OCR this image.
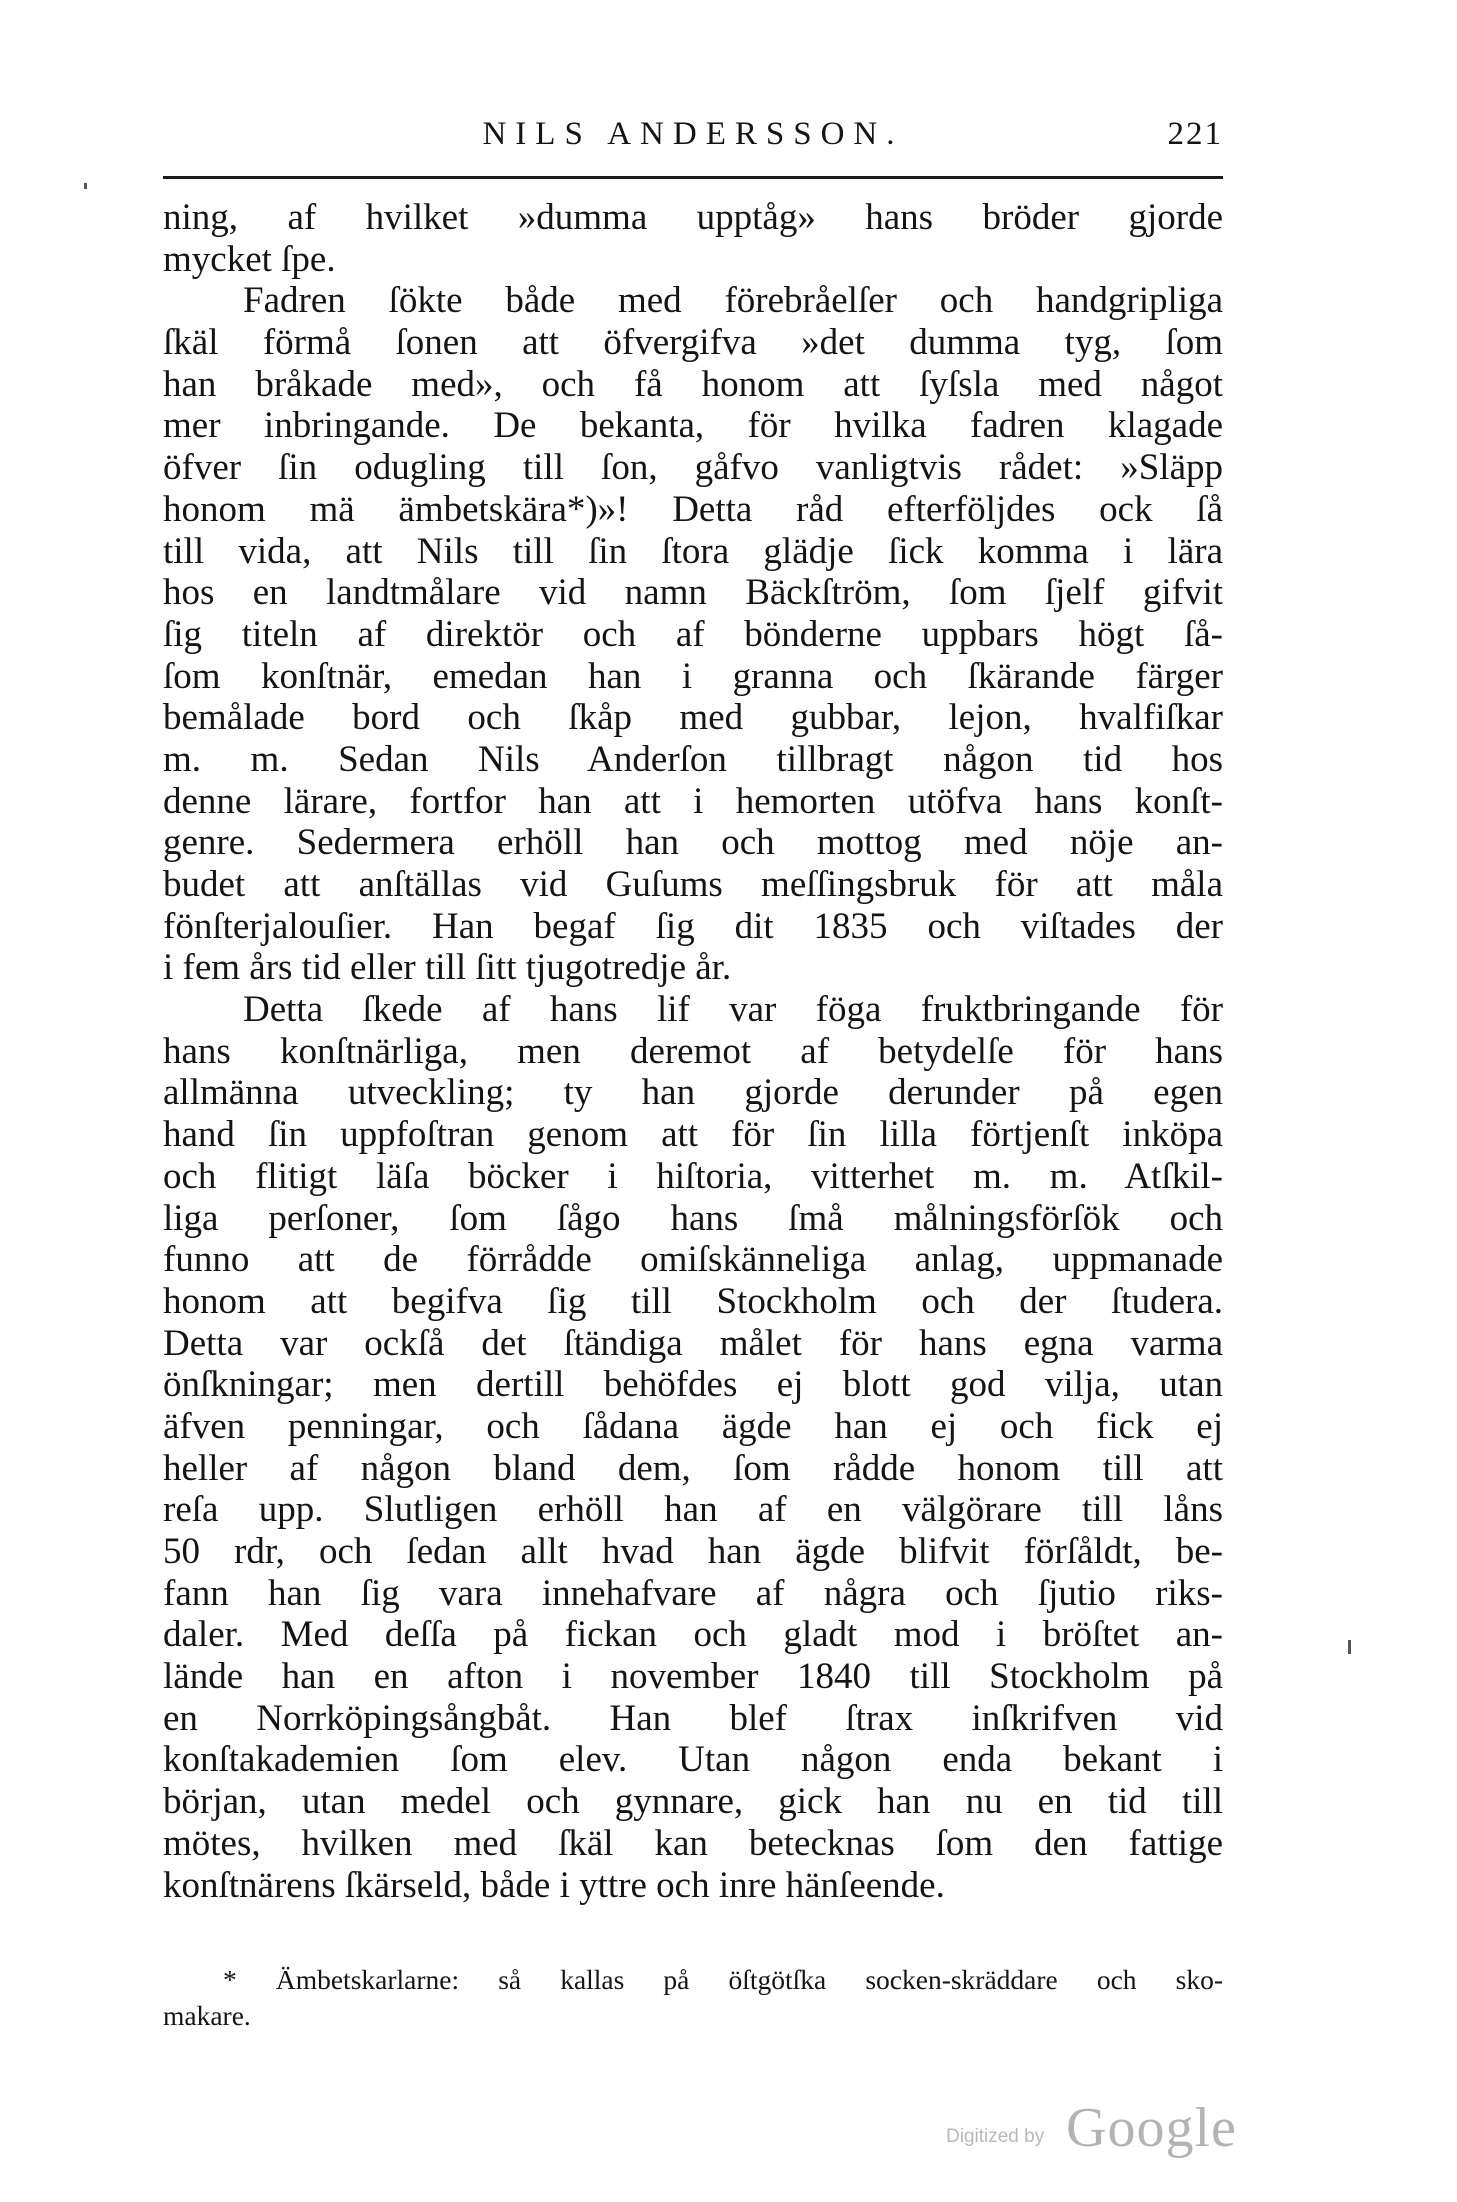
NILS ANDERSSON.	221
ning, af hvilket »dumma upptåg» hans bröder gjorde
mycket ſpe.
Fadren ſökte både med förebråelſer och handgripliga
ſkäl förmå ſonen att öfvergifva »det dumma tyg, ſom
han bråkade med», och få honom att ſyſsla med något
mer inbringande. De bekanta, för hvilka fadren klagade
öfver ſin odugling till ſon, gåfvo vanligtvis rådet: »Släpp
honom mä ämbetskära*)»! Detta råd efterföljdes ock ſå
till vida, att Nils till ſin ſtora glädje ſick komma i lära
hos en landtmålare vid namn Bäckſtröm, ſom ſjelf gifvit
ſig titeln af direktör och af bönderne uppbars högt ſå-
ſom konſtnär, emedan han i granna och ſkärande färger
bemålade bord och ſkåp med gubbar, lejon, hvalfiſkar
m. m. Sedan Nils Anderſon tillbragt någon tid hos
denne lärare, fortfor han att i hemorten utöfva hans konſt-
genre. Sedermera erhöll han och mottog med nöje an-
budet att anſtällas vid Guſums meſſingsbruk för att måla
fönſterjalouſier. Han begaf ſig dit 1835 och viſtades der
i fem års tid eller till ſitt tjugotredje år.
Detta ſkede af hans lif var föga fruktbringande för
hans konſtnärliga, men deremot af betydelſe för hans
allmänna utveckling; ty han gjorde derunder på egen
hand ſin uppfoſtran genom att för ſin lilla förtjenſt inköpa
och flitigt läſa böcker i hiſtoria, vitterhet m. m. Atſkil-
liga perſoner, ſom ſågo hans ſmå målningsförſök och
funno att de förrådde omiſskänneliga anlag, uppmanade
honom att begifva ſig till Stockholm och der ſtudera.
Detta var ockſå det ſtändiga målet för hans egna varma
önſkningar; men dertill behöfdes ej blott god vilja, utan
äfven penningar, och ſådana ägde han ej och fick ej
heller af någon bland dem, ſom rådde honom till att
reſa upp. Slutligen erhöll han af en välgörare till låns
50 rdr, och ſedan allt hvad han ägde blifvit förſåldt, be-
fann han ſig vara innehafvare af några och ſjutio riks-
daler. Med deſſa på fickan och gladt mod i bröſtet an-
lände han en afton i november 1840 till Stockholm på
en Norrköpingsångbåt. Han blef ſtrax inſkrifven vid
konſtakademien ſom elev. Utan någon enda bekant i
början, utan medel och gynnare, gick han nu en tid till
mötes, hvilken med ſkäl kan betecknas ſom den fattige
konſtnärens ſkärseld, både i yttre och inre hänſeende.
* Ämbetskarlarne: så kallas på öſtgötſka socken-skräddare och sko-
makare.
Digitized by Google
